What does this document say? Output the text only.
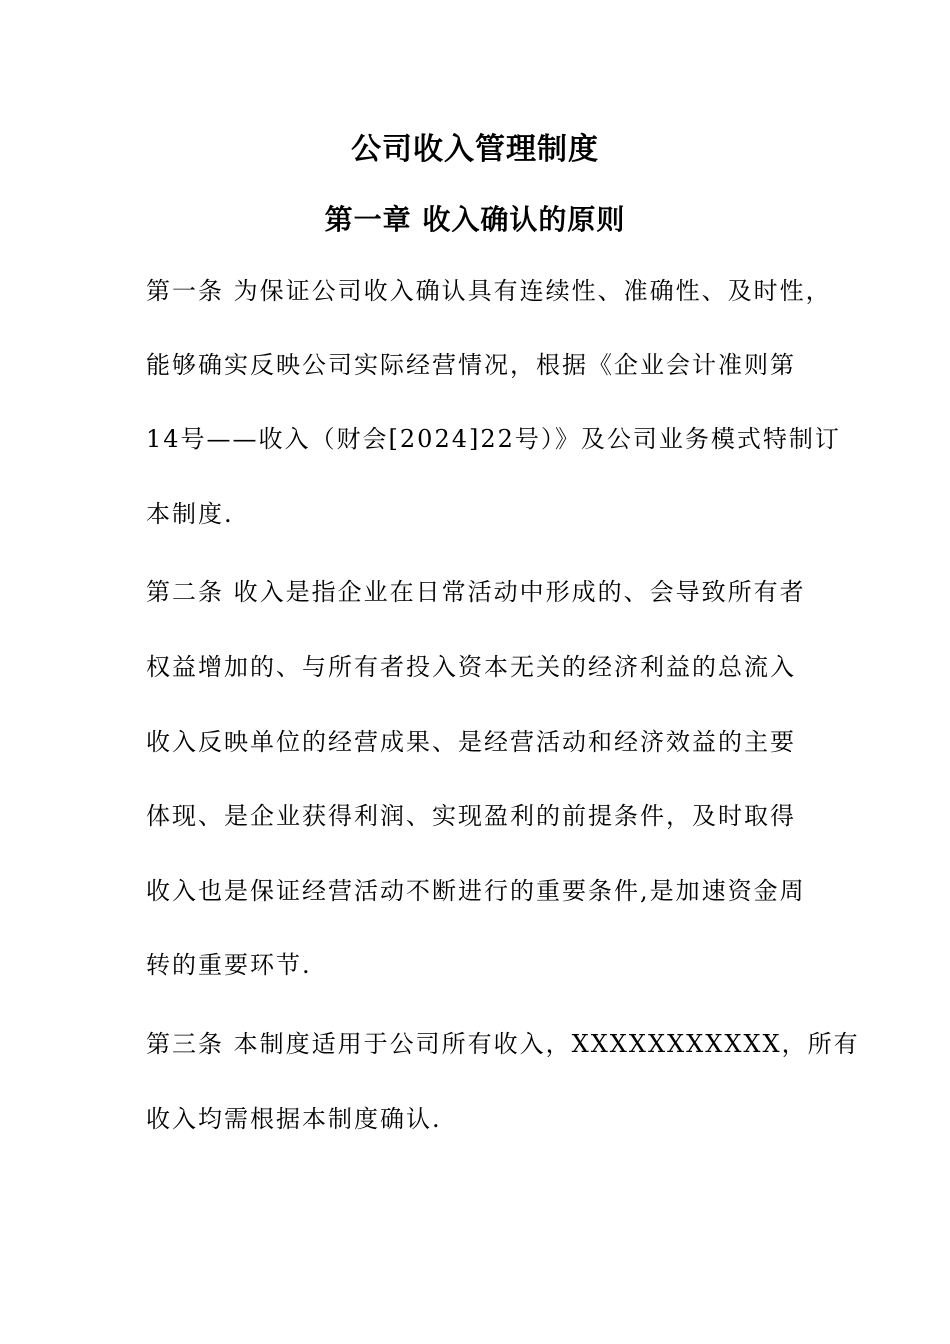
公司收入管理制度
第一章 收入确认的原则
第一条 为保证公司收入确认具有连续性、准确性、及时性，
能够确实反映公司实际经营情况，根据《企业会计准则第
14号——收入（财会[2024]22号）》及公司业务模式特制订
本制度.
第二条 收入是指企业在日常活动中形成的、会导致所有者
权益增加的、与所有者投入资本无关的经济利益的总流入
收入反映单位的经营成果、是经营活动和经济效益的主要
体现、是企业获得利润、实现盈利的前提条件，及时取得
收入也是保证经营活动不断进行的重要条件,是加速资金周
转的重要环节.
第三条 本制度适用于公司所有收入，XXXXXXXXXXX，所有
收入均需根据本制度确认.
